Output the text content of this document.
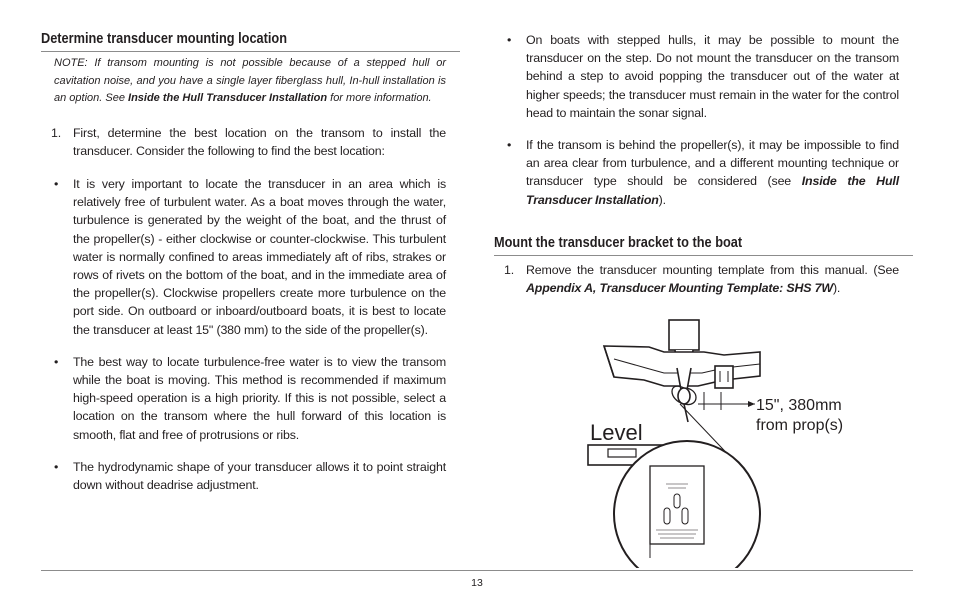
Determine transducer mounting location
NOTE: If transom mounting is not possible because of a stepped hull or cavitation noise, and you have a single layer fiberglass hull, In-hull installation is an option. See Inside the Hull Transducer Installation for more information.
1. First, determine the best location on the transom to install the transducer. Consider the following to find the best location:
•	It is very important to locate the transducer in an area which is relatively free of turbulent water. As a boat moves through the water, turbulence is generated by the weight of the boat, and the thrust of the propeller(s) - either clockwise or counter-clockwise. This turbulent water is normally confined to areas immediately aft of ribs, strakes or rows of rivets on the bottom of the boat, and in the immediate area of the propeller(s). Clockwise propellers create more turbulence on the port side. On outboard or inboard/outboard boats, it is best to locate the transducer at least 15" (380 mm) to the side of the propeller(s).
•	The best way to locate turbulence-free water is to view the transom while the boat is moving. This method is recommended if maximum high-speed operation is a high priority. If this is not possible, select a location on the transom where the hull forward of this location is smooth, flat and free of protrusions or ribs.
•	The hydrodynamic shape of your transducer allows it to point straight down without deadrise adjustment.
•	On boats with stepped hulls, it may be possible to mount the transducer on the step. Do not mount the transducer on the transom behind a step to avoid popping the transducer out of the water at higher speeds; the transducer must remain in the water for the control head to maintain the sonar signal.
•	If the transom is behind the propeller(s), it may be impossible to find an area clear from turbulence, and a different mounting technique or transducer type should be considered (see Inside the Hull Transducer Installation).
Mount the transducer bracket to the boat
1. Remove the transducer mounting template from this manual. (See Appendix A, Transducer Mounting Template: SHS 7W).
15", 380mm
from prop(s)
Level
13
